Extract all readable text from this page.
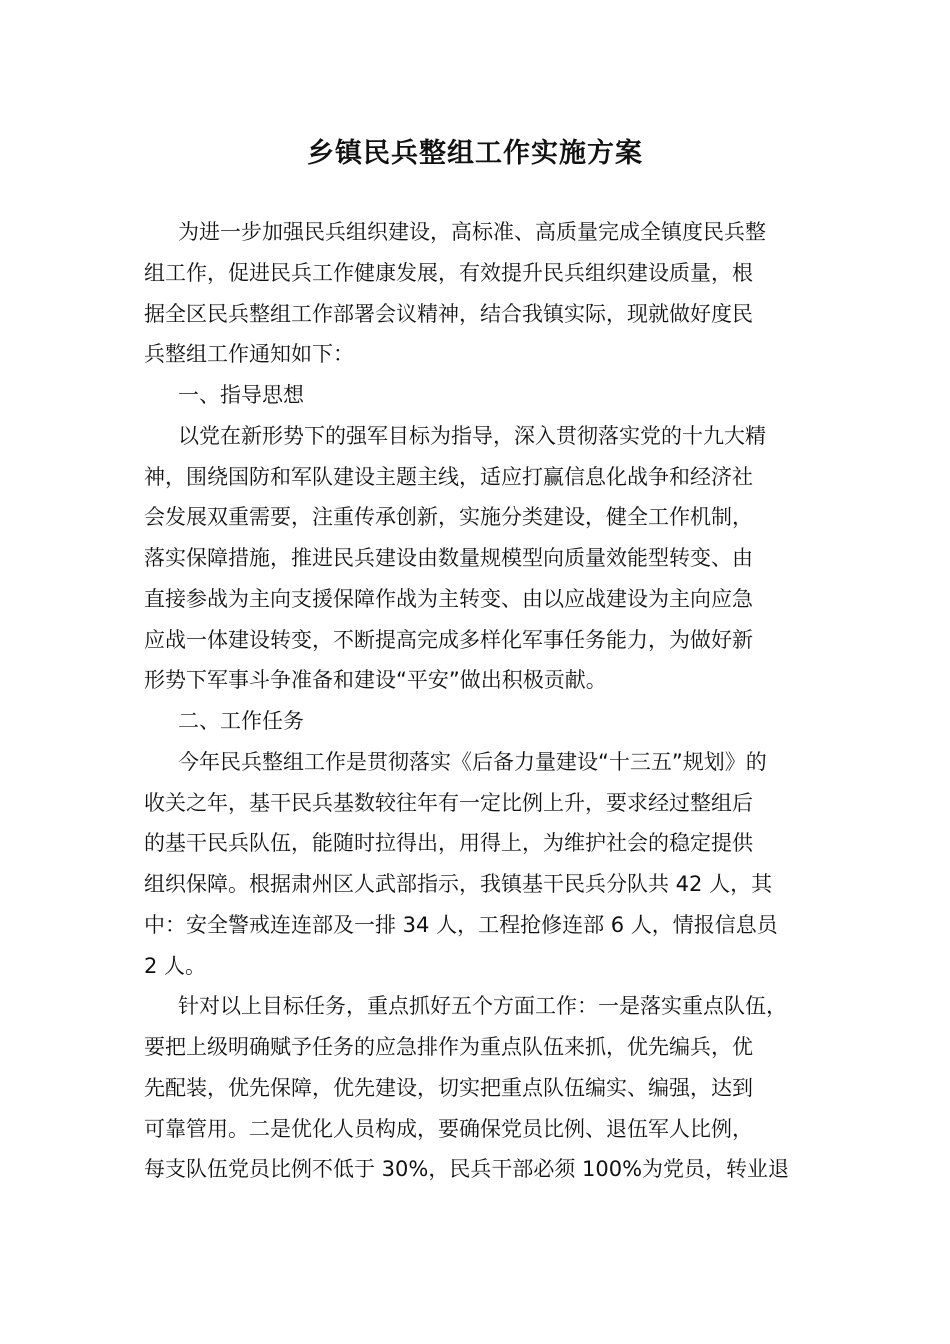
乡镇民兵整组工作实施方案
为进一步加强民兵组织建设，高标准、高质量完成全镇度民兵整
组工作，促进民兵工作健康发展，有效提升民兵组织建设质量，根
据全区民兵整组工作部署会议精神，结合我镇实际，现就做好度民
兵整组工作通知如下：
一、指导思想
以党在新形势下的强军目标为指导，深入贯彻落实党的十九大精
神，围绕国防和军队建设主题主线，适应打赢信息化战争和经济社
会发展双重需要，注重传承创新，实施分类建设，健全工作机制，
落实保障措施，推进民兵建设由数量规模型向质量效能型转变、由
直接参战为主向支援保障作战为主转变、由以应战建设为主向应急
应战一体建设转变，不断提高完成多样化军事任务能力，为做好新
形势下军事斗争准备和建设“平安”做出积极贡献。
二、工作任务
今年民兵整组工作是贯彻落实《后备力量建设“十三五”规划》的
收关之年，基干民兵基数较往年有一定比例上升，要求经过整组后
的基干民兵队伍，能随时拉得出，用得上，为维护社会的稳定提供
组织保障。根据肃州区人武部指示，我镇基干民兵分队共 42 人，其
中：安全警戒连连部及一排 34 人，工程抢修连部 6 人，情报信息员
2 人。
针对以上目标任务，重点抓好五个方面工作：一是落实重点队伍，
要把上级明确赋予任务的应急排作为重点队伍来抓，优先编兵，优
先配装，优先保障，优先建设，切实把重点队伍编实、编强，达到
可靠管用。二是优化人员构成，要确保党员比例、退伍军人比例，
每支队伍党员比例不低于 30%，民兵干部必须 100%为党员，转业退
